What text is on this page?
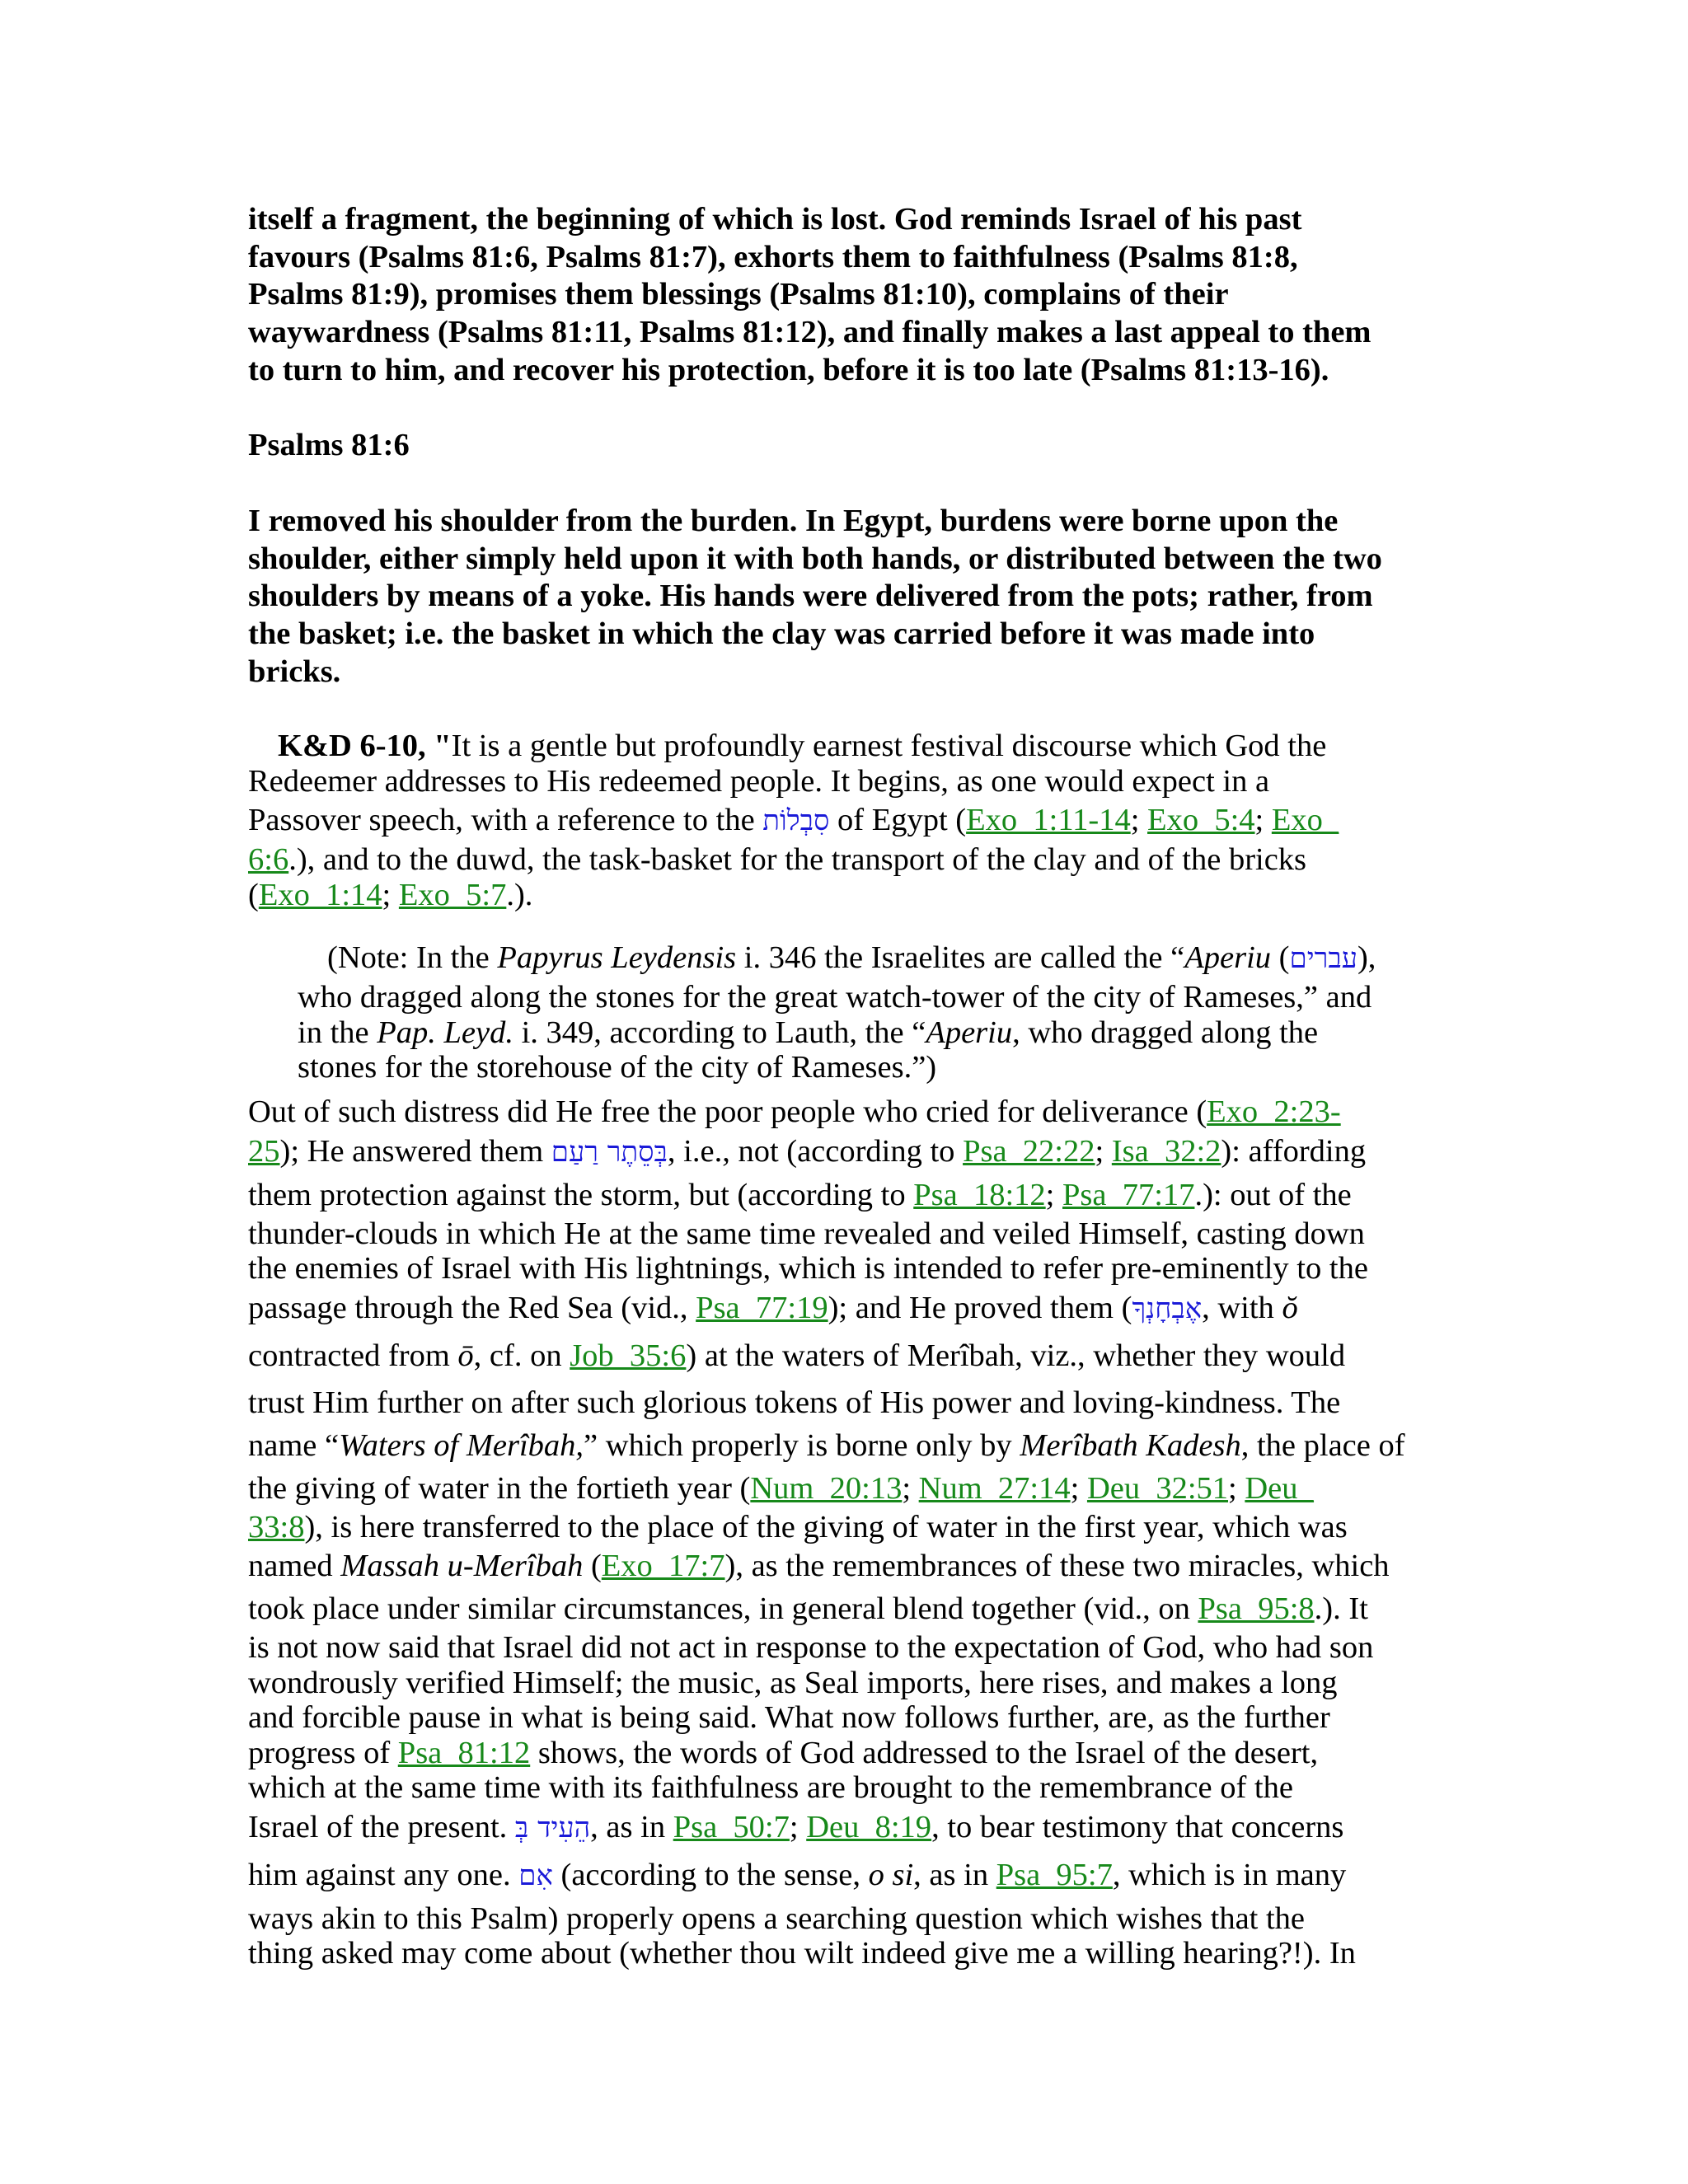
itself a fragment, the beginning of which is lost. God reminds Israel of his past
favours (Psalms 81:6, Psalms 81:7), exhorts them to faithfulness (Psalms 81:8,
Psalms 81:9), promises them blessings (Psalms 81:10), complains of their
waywardness (Psalms 81:11, Psalms 81:12), and finally makes a last appeal to them
to turn to him, and recover his protection, before it is too late (Psalms 81:13-16).
Psalms 81:6
I removed his shoulder from the burden. In Egypt, burdens were borne upon the
shoulder, either simply held upon it with both hands, or distributed between the two
shoulders by means of a yoke. His hands were delivered from the pots; rather, from
the basket; i.e. the basket in which the clay was carried before it was made into
bricks.
K&D 6-10, "It is a gentle but profoundly earnest festival discourse which God the
Redeemer addresses to His redeemed people. It begins, as one would expect in a
Passover speech, with a reference to the סִבְלוֹת of Egypt (Exo_1:11-14; Exo_5:4; Exo_
6:6.), and to the duwd, the task-basket for the transport of the clay and of the bricks
(Exo_1:14; Exo_5:7.).
(Note: In the Papyrus Leydensis i. 346 the Israelites are called the “Aperiu (עברים),
who dragged along the stones for the great watch-tower of the city of Rameses,” and
in the Pap. Leyd. i. 349, according to Lauth, the “Aperiu, who dragged along the
stones for the storehouse of the city of Rameses.”)
Out of such distress did He free the poor people who cried for deliverance (Exo_2:23-
25); He answered them בְּסֵתֶר רַעַם, i.e., not (according to Psa_22:22; Isa_32:2): affording
them protection against the storm, but (according to Psa_18:12; Psa_77:17.): out of the
thunder-clouds in which He at the same time revealed and veiled Himself, casting down
the enemies of Israel with His lightnings, which is intended to refer pre-eminently to the
passage through the Red Sea (vid., Psa_77:19); and He proved them (אֶבְחָנְךָ, with ŏ
contracted from ō, cf. on Job_35:6) at the waters of Merîbah, viz., whether they would
trust Him further on after such glorious tokens of His power and loving-kindness. The
name “Waters of Merîbah,” which properly is borne only by Merîbath Kadesh, the place of
the giving of water in the fortieth year (Num_20:13; Num_27:14; Deu_32:51; Deu_
33:8), is here transferred to the place of the giving of water in the first year, which was
named Massah u-Merîbah (Exo_17:7), as the remembrances of these two miracles, which
took place under similar circumstances, in general blend together (vid., on Psa_95:8.). It
is not now said that Israel did not act in response to the expectation of God, who had son
wondrously verified Himself; the music, as Seal imports, here rises, and makes a long
and forcible pause in what is being said. What now follows further, are, as the further
progress of Psa_81:12 shows, the words of God addressed to the Israel of the desert,
which at the same time with its faithfulness are brought to the remembrance of the
Israel of the present. הֵעִיד בְּ, as in Psa_50:7; Deu_8:19, to bear testimony that concerns
him against any one. אִם (according to the sense, o si, as in Psa_95:7, which is in many
ways akin to this Psalm) properly opens a searching question which wishes that the
thing asked may come about (whether thou wilt indeed give me a willing hearing?!). In
